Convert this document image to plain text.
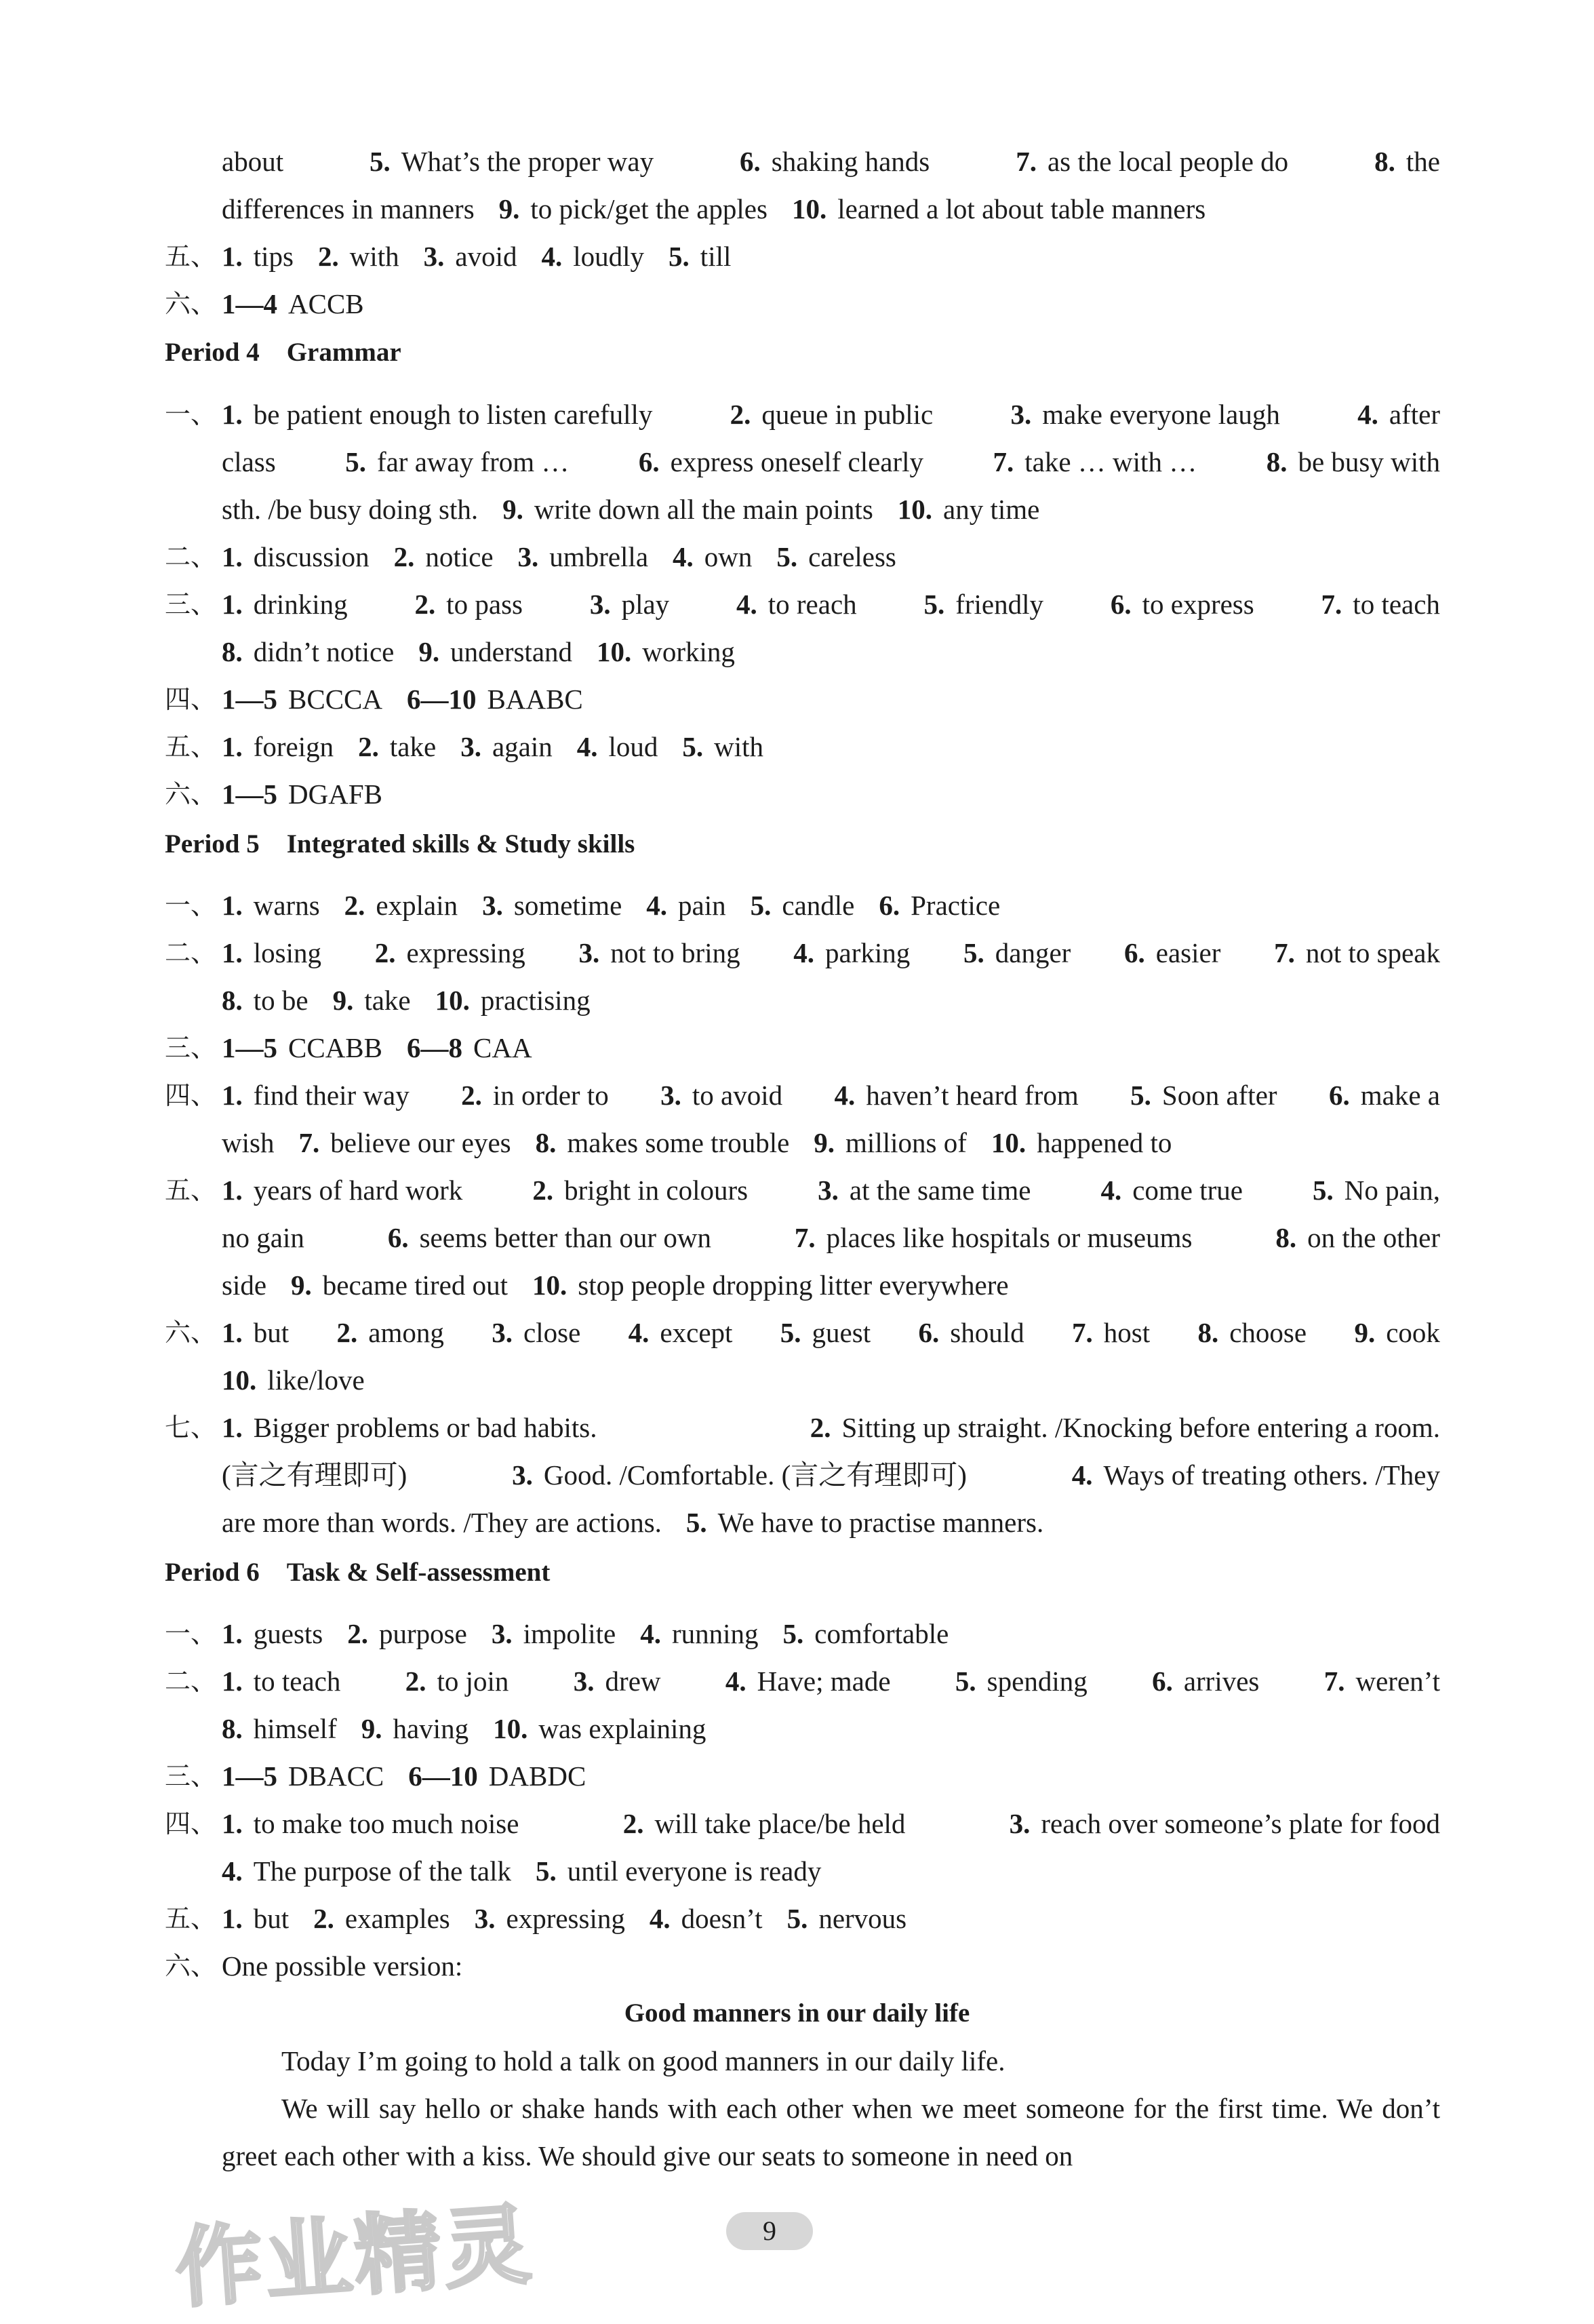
about	5. What’s the proper way	6. shaking hands	7. as the local people do	8. the
differences in manners 9. to pick/get the apples 10. learned a lot about table manners
五、 1. tips 2. with 3. avoid 4. loudly 5. till
六、 1—4 ACCB
Period 4 Grammar
一、 1. be patient enough to listen carefully	2. queue in public	3. make everyone laugh	4. after
class 5. far away from … 6. express oneself clearly 7. take … with … 8. be busy with
sth. /be busy doing sth. 9. write down all the main points 10. any time
二、 1. discussion 2. notice 3. umbrella 4. own 5. careless
三、 1. drinking 2. to pass 3. play 4. to reach 5. friendly 6. to express 7. to teach
8. didn’t notice 9. understand 10. working
四、 1—5 BCCCA 6—10 BAABC
五、 1. foreign 2. take 3. again 4. loud 5. with
六、 1—5 DGAFB
Period 5 Integrated skills & Study skills
一、 1. warns 2. explain 3. sometime 4. pain 5. candle 6. Practice
二、 1. losing 2. expressing 3. not to bring 4. parking 5. danger 6. easier 7. not to speak
8. to be 9. take 10. practising
三、 1—5 CCABB 6—8 CAA
四、 1. find their way 2. in order to 3. to avoid 4. haven’t heard from 5. Soon after 6. make a
wish 7. believe our eyes 8. makes some trouble 9. millions of 10. happened to
五、 1. years of hard work	2. bright in colours	3. at the same time	4. come true	5. No pain,
no gain	6. seems better than our own	7. places like hospitals or museums	8. on the other
side 9. became tired out 10. stop people dropping litter everywhere
六、 1. but 2. among 3. close 4. except 5. guest 6. should 7. host 8. choose 9. cook
10. like/love
七、 1. Bigger problems or bad habits.	2. Sitting up straight. /Knocking before entering a room.
(言之有理即可)	3. Good. /Comfortable. (言之有理即可)	4. Ways of treating others. /They
are more than words. /They are actions. 5. We have to practise manners.
Period 6 Task & Self-assessment
一、 1. guests 2. purpose 3. impolite 4. running 5. comfortable
二、 1. to teach 2. to join 3. drew 4. Have; made 5. spending 6. arrives 7. weren’t
8. himself 9. having 10. was explaining
三、 1—5 DBACC 6—10 DABDC
四、 1. to make too much noise	2. will take place/be held	3. reach over someone’s plate for food
4. The purpose of the talk 5. until everyone is ready
五、 1. but 2. examples 3. expressing 4. doesn’t 5. nervous
六、 One possible version:
Good manners in our daily life
Today I’m going to hold a talk on good manners in our daily life.
We will say hello or shake hands with each other when we meet someone for the first time. We don’t greet each other with a kiss. We should give our seats to someone in need on
9
作业精灵
